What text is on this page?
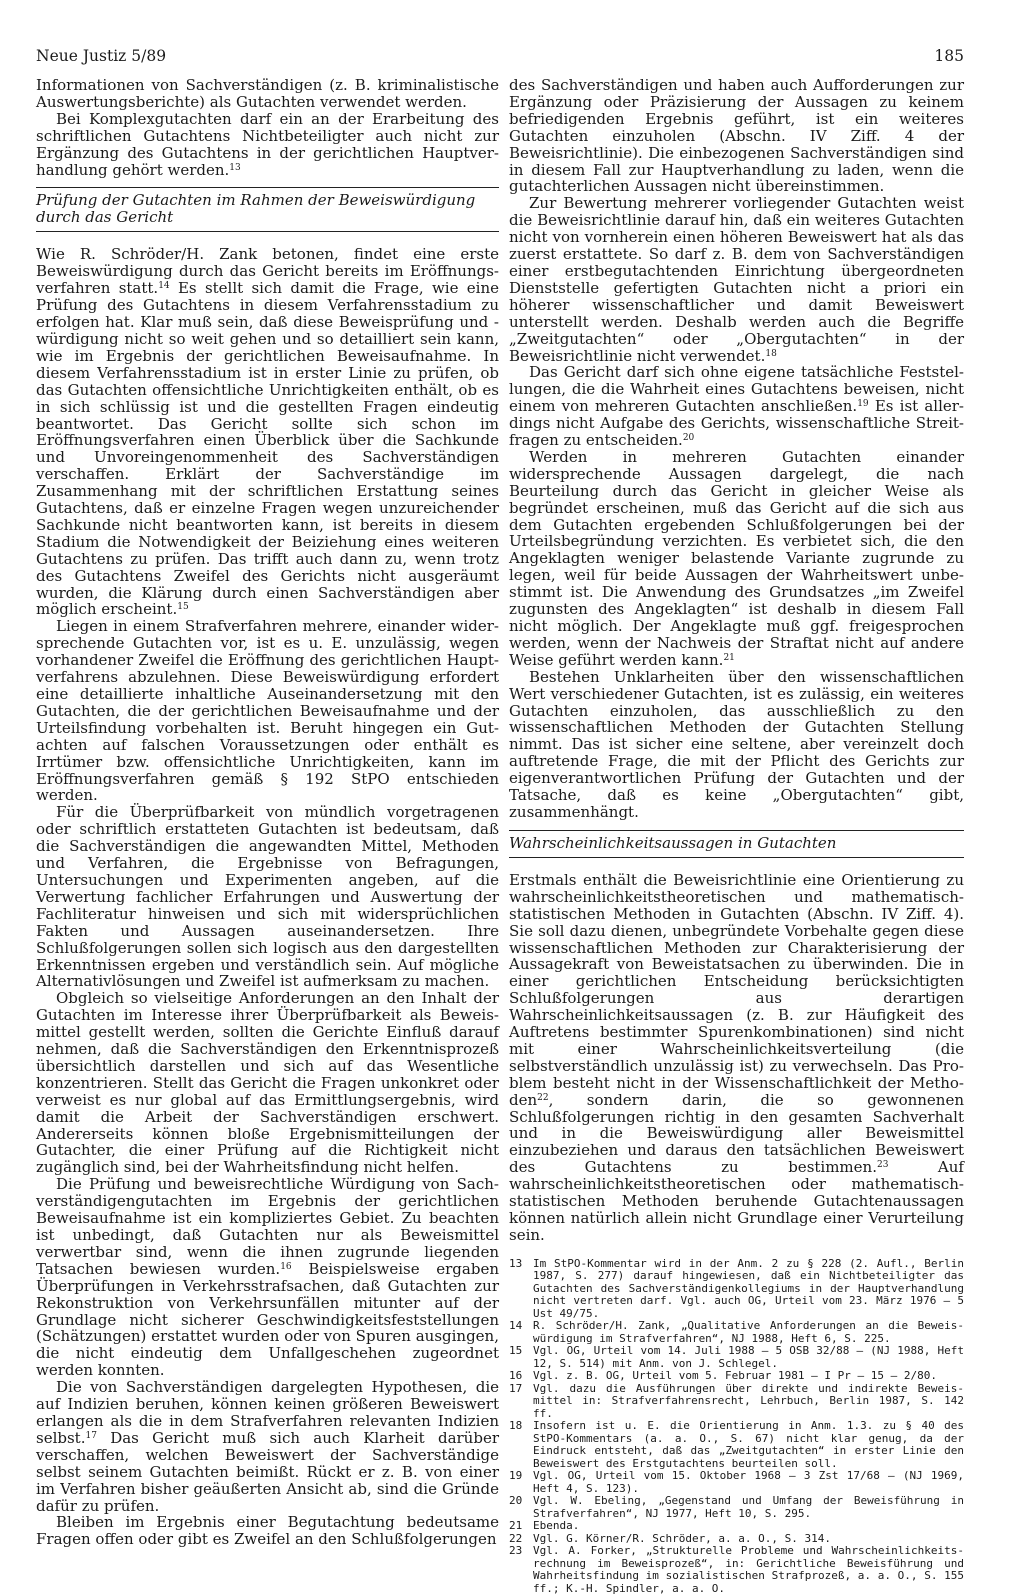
Neue Justiz 5/89	185

Informationen von Sachverständigen (z. B. kriminalistische Auswertungsberichte) als Gutachten verwendet werden.

Bei Komplexgutachten darf ein an der Erarbeitung des schriftlichen Gutachtens Nichtbeteiligter auch nicht zur Ergänzung des Gutachtens in der gerichtlichen Hauptverhandlung gehört werden.$^{13}$

Prüfung der Gutachten im Rahmen der Beweiswürdigung durch das Gericht

Wie R. Schröder/H. Zank betonen, findet eine erste Beweiswürdigung durch das Gericht bereits im Eröffnungsverfahren statt.$^{14}$ Es stellt sich damit die Frage, wie eine Prüfung des Gutachtens in diesem Verfahrensstadium zu erfolgen hat. Klar muß sein, daß diese Beweisprüfung und -würdigung nicht so weit gehen und so detailliert sein kann, wie im Ergebnis der gerichtlichen Beweisaufnahme. In diesem Verfahrensstadium ist in erster Linie zu prüfen, ob das Gutachten offensichtliche Unrichtigkeiten enthält, ob es in sich schlüssig ist und die gestellten Fragen eindeutig beantwortet. Das Gericht sollte sich schon im Eröffnungsverfahren einen Überblick über die Sachkunde und Unvoreingenommenheit des Sachverständigen verschaffen. Erklärt der Sachverständige im Zusammenhang mit der schriftlichen Erstattung seines Gutachtens, daß er einzelne Fragen wegen unzureichender Sachkunde nicht beantworten kann, ist bereits in diesem Stadium die Notwendigkeit der Beiziehung eines weiteren Gutachtens zu prüfen. Das trifft auch dann zu, wenn trotz des Gutachtens Zweifel des Gerichts nicht ausgeräumt wurden, die Klärung durch einen Sachverständigen aber möglich erscheint.$^{15}$

Liegen in einem Strafverfahren mehrere, einander widersprechende Gutachten vor, ist es u. E. unzulässig, wegen vorhandener Zweifel die Eröffnung des gerichtlichen Hauptverfahrens abzulehnen. Diese Beweiswürdigung erfordert eine detaillierte inhaltliche Auseinandersetzung mit den Gutachten, die der gerichtlichen Beweisaufnahme und der Urteilsfindung vorbehalten ist. Beruht hingegen ein Gutachten auf falschen Voraussetzungen oder enthält es Irrtümer bzw. offensichtliche Unrichtigkeiten, kann im Eröffnungsverfahren gemäß § 192 StPO entschieden werden.

Für die Überprüfbarkeit von mündlich vorgetragenen oder schriftlich erstatteten Gutachten ist bedeutsam, daß die Sachverständigen die angewandten Mittel, Methoden und Verfahren, die Ergebnisse von Befragungen, Untersuchungen und Experimenten angeben, auf die Verwertung fachlicher Erfahrungen und Auswertung der Fachliteratur hinweisen und sich mit widersprüchlichen Fakten und Aussagen auseinandersetzen. Ihre Schlußfolgerungen sollen sich logisch aus den dargestellten Erkenntnissen ergeben und verständlich sein. Auf mögliche Alternativlösungen und Zweifel ist aufmerksam zu machen.

Obgleich so vielseitige Anforderungen an den Inhalt der Gutachten im Interesse ihrer Überprüfbarkeit als Beweismittel gestellt werden, sollten die Gerichte Einfluß darauf nehmen, daß die Sachverständigen den Erkenntnisprozeß übersichtlich darstellen und sich auf das Wesentliche konzentrieren. Stellt das Gericht die Fragen unkonkret oder verweist es nur global auf das Ermittlungsergebnis, wird damit die Arbeit der Sachverständigen erschwert. Andererseits können bloße Ergebnismitteilungen der Gutachter, die einer Prüfung auf die Richtigkeit nicht zugänglich sind, bei der Wahrheitsfindung nicht helfen.

Die Prüfung und beweisrechtliche Würdigung von Sachverständigengutachten im Ergebnis der gerichtlichen Beweisaufnahme ist ein kompliziertes Gebiet. Zu beachten ist unbedingt, daß Gutachten nur als Beweismittel verwertbar sind, wenn die ihnen zugrunde liegenden Tatsachen bewiesen wurden.$^{16}$ Beispielsweise ergaben Überprüfungen in Verkehrsstrafsachen, daß Gutachten zur Rekonstruktion von Verkehrsunfällen mitunter auf der Grundlage nicht sicherer Geschwindigkeitsfeststellungen (Schätzungen) erstattet wurden oder von Spuren ausgingen, die nicht eindeutig dem Unfallgeschehen zugeordnet werden konnten.

Die von Sachverständigen dargelegten Hypothesen, die auf Indizien beruhen, können keinen größeren Beweiswert erlangen als die in dem Strafverfahren relevanten Indizien selbst.$^{17}$ Das Gericht muß sich auch Klarheit darüber verschaffen, welchen Beweiswert der Sachverständige selbst seinem Gutachten beimißt. Rückt er z. B. von einer im Verfahren bisher geäußerten Ansicht ab, sind die Gründe dafür zu prüfen.

Bleiben im Ergebnis einer Begutachtung bedeutsame Fragen offen oder gibt es Zweifel an den Schlußfolgerungen

des Sachverständigen und haben auch Aufforderungen zur Ergänzung oder Präzisierung der Aussagen zu keinem befriedigenden Ergebnis geführt, ist ein weiteres Gutachten einzuholen (Abschn. IV Ziff. 4 der Beweisrichtlinie). Die einbezogenen Sachverständigen sind in diesem Fall zur Hauptverhandlung zu laden, wenn die gutachterlichen Aussagen nicht übereinstimmen.

Zur Bewertung mehrerer vorliegender Gutachten weist die Beweisrichtlinie darauf hin, daß ein weiteres Gutachten nicht von vornherein einen höheren Beweiswert hat als das zuerst erstattete. So darf z. B. dem von Sachverständigen einer erstbegutachtenden Einrichtung übergeordneten Dienststelle gefertigten Gutachten nicht a priori ein höherer wissenschaftlicher und damit Beweiswert unterstellt werden. Deshalb werden auch die Begriffe „Zweitgutachten“ oder „Obergutachten“ in der Beweisrichtlinie nicht verwendet.$^{18}$

Das Gericht darf sich ohne eigene tatsächliche Feststellungen, die die Wahrheit eines Gutachtens beweisen, nicht einem von mehreren Gutachten anschließen.$^{19}$ Es ist allerdings nicht Aufgabe des Gerichts, wissenschaftliche Streitfragen zu entscheiden.$^{20}$

Werden in mehreren Gutachten einander widersprechende Aussagen dargelegt, die nach Beurteilung durch das Gericht in gleicher Weise als begründet erscheinen, muß das Gericht auf die sich aus dem Gutachten ergebenden Schlußfolgerungen bei der Urteilsbegründung verzichten. Es verbietet sich, die den Angeklagten weniger belastende Variante zugrunde zu legen, weil für beide Aussagen der Wahrheitswert unbestimmt ist. Die Anwendung des Grundsatzes „im Zweifel zugunsten des Angeklagten“ ist deshalb in diesem Fall nicht möglich. Der Angeklagte muß ggf. freigesprochen werden, wenn der Nachweis der Straftat nicht auf andere Weise geführt werden kann.$^{21}$

Bestehen Unklarheiten über den wissenschaftlichen Wert verschiedener Gutachten, ist es zulässig, ein weiteres Gutachten einzuholen, das ausschließlich zu den wissenschaftlichen Methoden der Gutachten Stellung nimmt. Das ist sicher eine seltene, aber vereinzelt doch auftretende Frage, die mit der Pflicht des Gerichts zur eigenverantwortlichen Prüfung der Gutachten und der Tatsache, daß es keine „Obergutachten“ gibt, zusammenhängt.

Wahrscheinlichkeitsaussagen in Gutachten

Erstmals enthält die Beweisrichtlinie eine Orientierung zu wahrscheinlichkeitstheoretischen und mathematisch-statistischen Methoden in Gutachten (Abschn. IV Ziff. 4). Sie soll dazu dienen, unbegründete Vorbehalte gegen diese wissenschaftlichen Methoden zur Charakterisierung der Aussagekraft von Beweistatsachen zu überwinden. Die in einer gerichtlichen Entscheidung berücksichtigten Schlußfolgerungen aus derartigen Wahrscheinlichkeitsaussagen (z. B. zur Häufigkeit des Auftretens bestimmter Spurenkombinationen) sind nicht mit einer Wahrscheinlichkeitsverteilung (die selbstverständlich unzulässig ist) zu verwechseln. Das Problem besteht nicht in der Wissenschaftlichkeit der Methoden$^{22}$, sondern darin, die so gewonnenen Schlußfolgerungen richtig in den gesamten Sachverhalt und in die Beweiswürdigung aller Beweismittel einzubeziehen und daraus den tatsächlichen Beweiswert des Gutachtens zu bestimmen.$^{23}$ Auf wahrscheinlichkeitstheoretischen oder mathematisch-statistischen Methoden beruhende Gutachtenaussagen können natürlich allein nicht Grundlage einer Verurteilung sein.

13 Im StPO-Kommentar wird in der Anm. 2 zu § 228 (2. Aufl., Berlin 1987, S. 277) darauf hingewiesen, daß ein Nichtbeteiligter das Gutachten des Sachverständigenkollegiums in der Hauptverhandlung nicht vertreten darf. Vgl. auch OG, Urteil vom 23. März 1976 – 5 Ust 49/75.
14 R. Schröder/H. Zank, „Qualitative Anforderungen an die Beweiswürdigung im Strafverfahren“, NJ 1988, Heft 6, S. 225.
15 Vgl. OG, Urteil vom 14. Juli 1988 – 5 OSB 32/88 – (NJ 1988, Heft 12, S. 514) mit Anm. von J. Schlegel.
16 Vgl. z. B. OG, Urteil vom 5. Februar 1981 – I Pr – 15 – 2/80.
17 Vgl. dazu die Ausführungen über direkte und indirekte Beweismittel in: Strafverfahrensrecht, Lehrbuch, Berlin 1987, S. 142 ff.
18 Insofern ist u. E. die Orientierung in Anm. 1.3. zu § 40 des StPO-Kommentars (a. a. O., S. 67) nicht klar genug, da der Eindruck entsteht, daß das „Zweitgutachten“ in erster Linie den Beweiswert des Erstgutachtens beurteilen soll.
19 Vgl. OG, Urteil vom 15. Oktober 1968 – 3 Zst 17/68 – (NJ 1969, Heft 4, S. 123).
20 Vgl. W. Ebeling, „Gegenstand und Umfang der Beweisführung in Strafverfahren“, NJ 1977, Heft 10, S. 295.
21 Ebenda.
22 Vgl. G. Körner/R. Schröder, a. a. O., S. 314.
23 Vgl. A. Forker, „Strukturelle Probleme und Wahrscheinlichkeitsrechnung im Beweisprozeß“, in: Gerichtliche Beweisführung und Wahrheitsfindung im sozialistischen Strafprozeß, a. a. O., S. 155 ff.; K.-H. Spindler, a. a. O.
